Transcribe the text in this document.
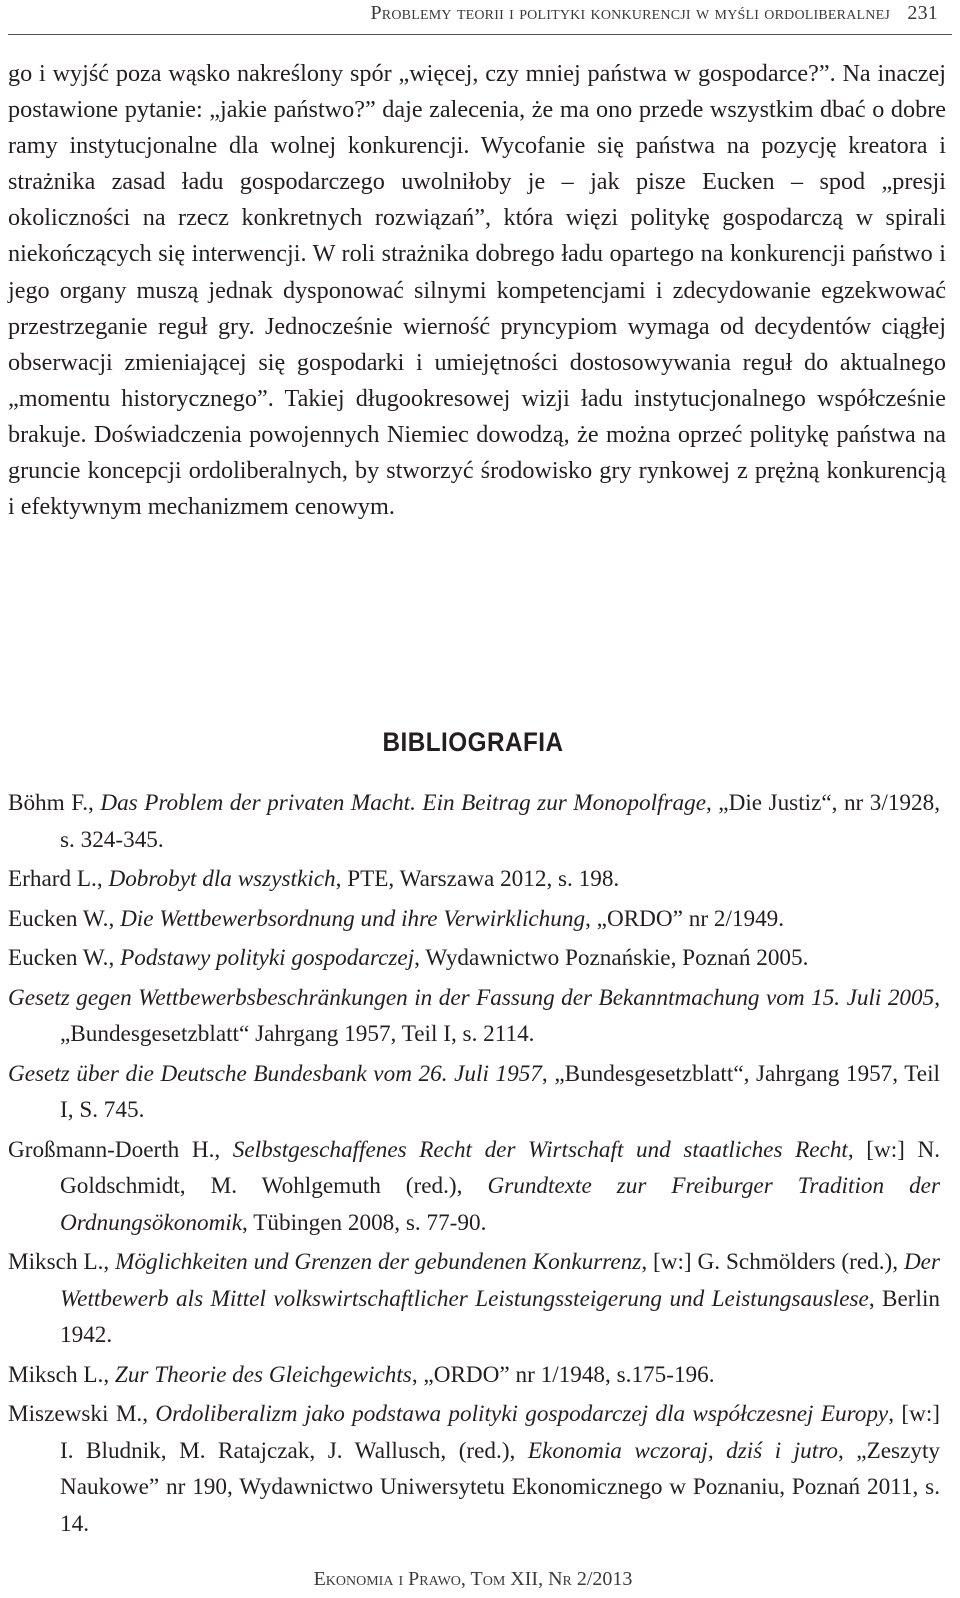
Problemy teorii i polityki konkurencji w myśli ordoliberalnej 231

go i wyjść poza wąsko nakreślony spór „więcej, czy mniej państwa w gospodarce?”. Na inaczej postawione pytanie: „jakie państwo?” daje zalecenia, że ma ono przede wszystkim dbać o dobre ramy instytucjonalne dla wolnej konkurencji. Wycofanie się państwa na pozycję kreatora i strażnika zasad ładu gospodarczego uwolniłoby je – jak pisze Eucken – spod „presji okoliczności na rzecz konkretnych rozwiązań”, która więzi politykę gospodarczą w spirali niekończących się interwencji. W roli strażnika dobrego ładu opartego na konkurencji państwo i jego organy muszą jednak dysponować silnymi kompetencjami i zdecydowanie egzekwować przestrzeganie reguł gry. Jednocześnie wierność pryncypiom wymaga od decydentów ciągłej obserwacji zmieniającej się gospodarki i umiejętności dostosowywania reguł do aktualnego „momentu historycznego”. Takiej długookresowej wizji ładu instytucjonalnego współcześnie brakuje. Doświadczenia powojennych Niemiec dowodzą, że można oprzeć politykę państwa na gruncie koncepcji ordoliberalnych, by stworzyć środowisko gry rynkowej z prężną konkurencją i efektywnym mechanizmem cenowym.

BIBLIOGRAFIA
Böhm F., Das Problem der privaten Macht. Ein Beitrag zur Monopolfrage, „Die Justiz“, nr 3/1928, s. 324-345.
Erhard L., Dobrobyt dla wszystkich, PTE, Warszawa 2012, s. 198.
Eucken W., Die Wettbewerbsordnung und ihre Verwirklichung, „ORDO” nr 2/1949.
Eucken W., Podstawy polityki gospodarczej, Wydawnictwo Poznańskie, Poznań 2005.
Gesetz gegen Wettbewerbsbeschränkungen in der Fassung der Bekanntmachung vom 15. Juli 2005, „Bundesgesetzblatt“ Jahrgang 1957, Teil I, s. 2114.
Gesetz über die Deutsche Bundesbank vom 26. Juli 1957, „Bundesgesetzblatt“, Jahrgang 1957, Teil I, S. 745.
Großmann-Doerth H., Selbstgeschaffenes Recht der Wirtschaft und staatliches Recht, [w:] N. Goldschmidt, M. Wohlgemuth (red.), Grundtexte zur Freiburger Tradition der Ordnungsökonomik, Tübingen 2008, s. 77-90.
Miksch L., Möglichkeiten und Grenzen der gebundenen Konkurrenz, [w:] G. Schmölders (red.), Der Wettbewerb als Mittel volkswirtschaftlicher Leistungssteigerung und Leistungsauslese, Berlin 1942.
Miksch L., Zur Theorie des Gleichgewichts, „ORDO” nr 1/1948, s.175-196.
Miszewski M., Ordoliberalizm jako podstawa polityki gospodarczej dla współczesnej Europy, [w:] I. Bludnik, M. Ratajczak, J. Wallusch, (red.), Ekonomia wczoraj, dziś i jutro, „Zeszyty Naukowe” nr 190, Wydawnictwo Uniwersytetu Ekonomicznego w Poznaniu, Poznań 2011, s. 14.
Ekonomia i Prawo, Tom XII, Nr 2/2013
